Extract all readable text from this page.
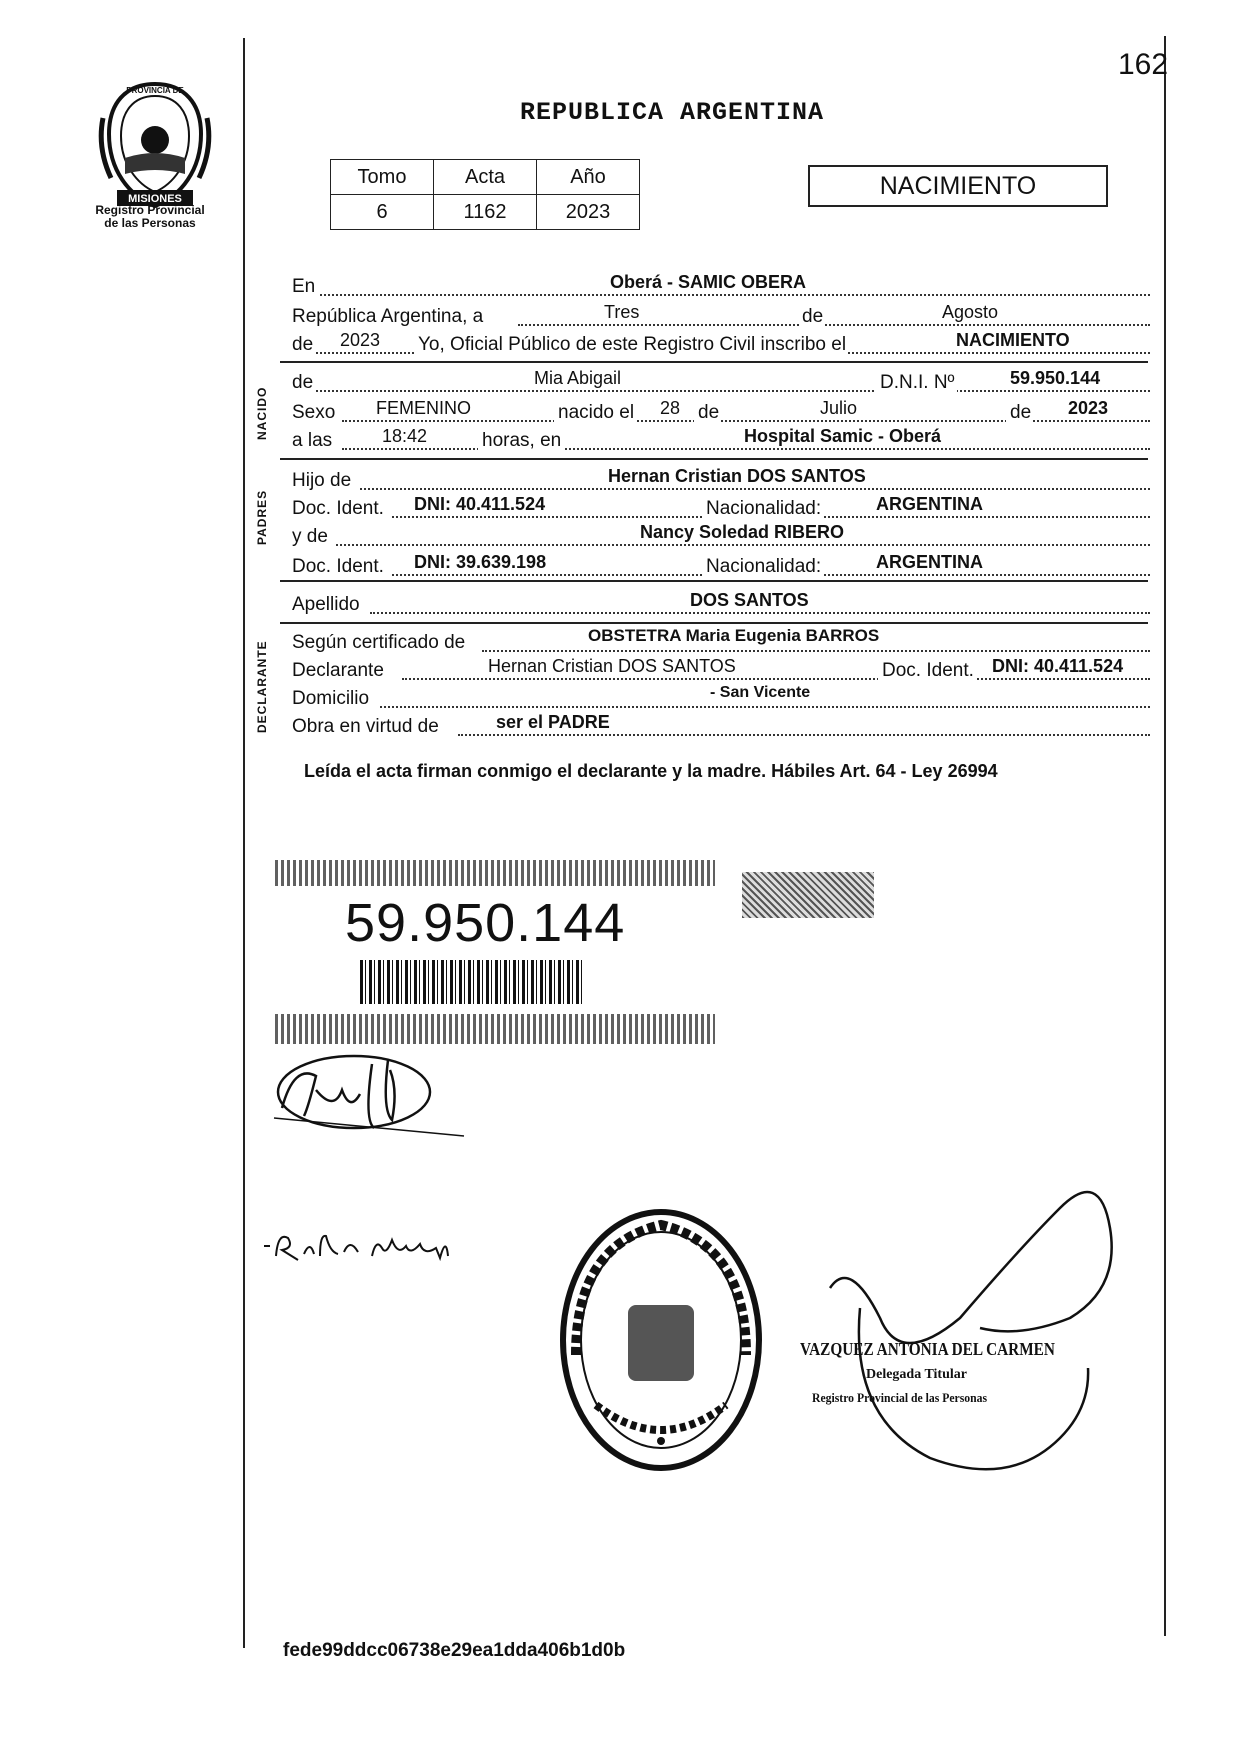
162
MISIONES
PROVINCIA DE
Registro Provincial
de las Personas
REPUBLICA ARGENTINA
Tomo	Acta	Año
6	1162	2023
NACIMIENTO
En	Oberá - SAMIC OBERA
República Argentina, a	Tres	de	Agosto
de 2023 Yo, Oficial Público de este Registro Civil inscribo el	NACIMIENTO
NACIDO
de	Mia Abigail	D.N.I. Nº	59.950.144
Sexo FEMENINO	nacido el 28 de	Julio	de 2023
a las	18:42	horas, en	Hospital Samic - Oberá
PADRES
Hijo de	Hernan Cristian DOS SANTOS
Doc. Ident. DNI: 40.411.524	Nacionalidad:	ARGENTINA
y de	Nancy Soledad RIBERO
Doc. Ident. DNI: 39.639.198	Nacionalidad:	ARGENTINA
Apellido	DOS SANTOS
DECLARANTE	Según certificado de	OBSTETRA Maria Eugenia BARROS
Declarante	Hernan Cristian DOS SANTOS	Doc. Ident. DNI: 40.411.524
Domicilio	- San Vicente
Obra en virtud de	ser el PADRE
Leída el acta firman conmigo el declarante y la madre. Hábiles Art. 64 - Ley 26994
59.950.144
VAZQUEZ ANTONIA DEL CARMEN
Delegada Titular
Registro Provincial de las Personas
fede99ddcc06738e29ea1dda406b1d0b
